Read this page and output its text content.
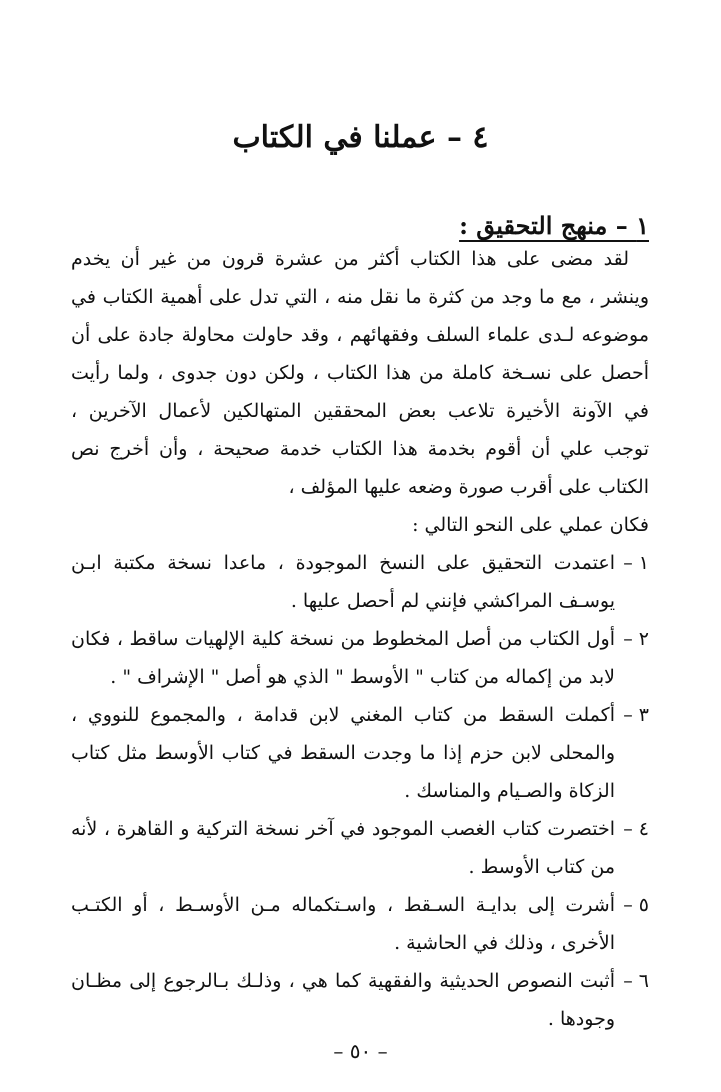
٤ – عملنا في الكتاب
١ – منهج التحقيق :

لقد مضى على هذا الكتاب أكثر من عشرة قرون من غير أن يخدم وينشر ، مع ما وجد من كثرة ما نقل منه ، التي تدل على أهمية الكتاب في موضوعه لـدى علماء السلف وفقهائهم ، وقد حاولت محاولة جادة على أن أحصل على نسـخة كاملة من هذا الكتاب ، ولكن دون جدوى ، ولما رأيت في الآونة الأخيرة تلاعب بعض المحققين المتهالكين لأعمال الآخرين ، توجب علي أن أقوم بخدمة هذا الكتاب خدمة صحيحة ، وأن أخرج نص الكتاب على أقرب صورة وضعه عليها المؤلف ،

فكان عملي على النحو التالي :

١ –
اعتمدت التحقيق على النسخ الموجودة ، ماعدا نسخة مكتبة ابـن يوسـف المراكشي فإنني لم أحصل عليها .
٢ –
أول الكتاب من أصل المخطوط من نسخة كلية الإلهيات ساقط ، فكان لابد من إكماله من كتاب " الأوسط " الذي هو أصل " الإشراف " .
٣ –
أكملت السقط من كتاب المغني لابن قدامة ، والمجموع للنووي ، والمحلى لابن حزم إذا ما وجدت السقط في كتاب الأوسط مثل كتاب الزكاة والصـيام والمناسك .
٤ –
اختصرت كتاب الغصب الموجود في آخر نسخة التركية و القاهرة ، لأنه من كتاب الأوسط .
٥ –
أشرت إلى بدايـة السـقط ، واسـتكماله مـن الأوسـط ، أو الكتـب الأخرى ، وذلك في الحاشية .
٦ –
أثبت النصوص الحديثية والفقهية كما هي ، وذلـك بـالرجوع إلى مظـان وجودها .
– ٥٠ –
